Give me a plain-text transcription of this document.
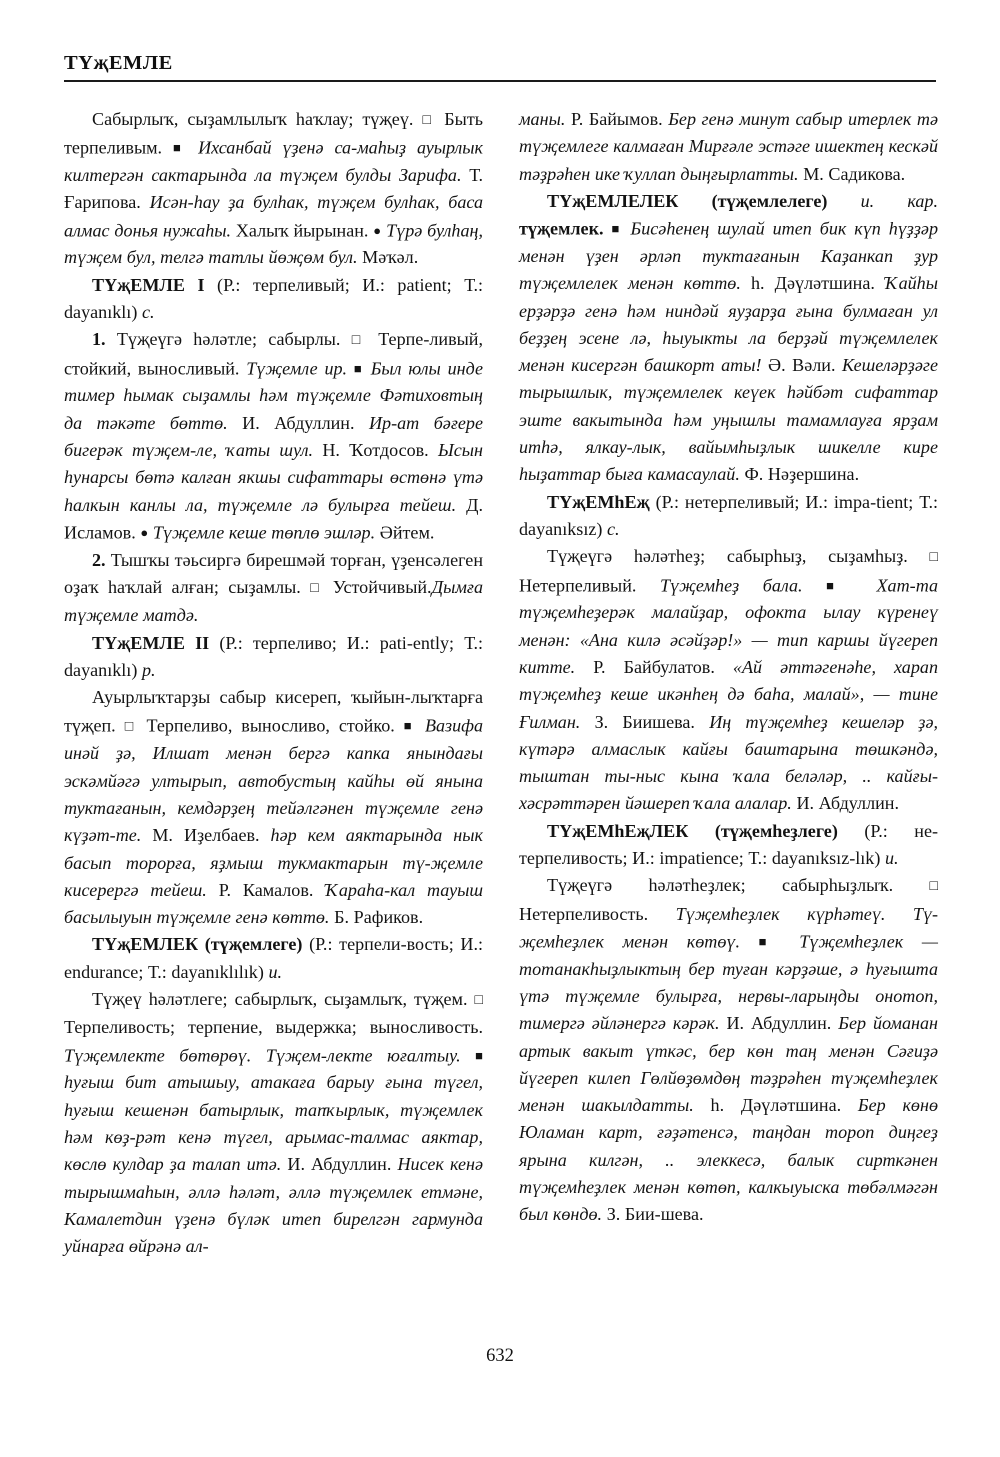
ТҮҗЕМЛЕ

Сабырлыҡ, сыҙамлылыҡ һаҡлау; түҗеү. □ Быть терпеливым. ■ Ихсанбай үҙенә са-маһыҙ ауырлык килтергән сактарында ла түҗем булды Зарифа. Т. Ғарипова. Исән-һау ҙа булһак, түҗем булһак, баса алмас донья нужаһы. Халыҡ йырынан. ● Түрә булһаң, түҗем бул, телгә татлы йөҗөм бул. Мәҡәл.

ТҮҗЕМЛЕ I (Р.: терпеливый; И.: patient; Т.: dayanıklı) с.

1. Түҗеүгә һәләтле; сабырлы. □ Терпе-ливый, стойкий, выносливый. Түҗемле ир. ■ Был юлы инде тимер һымак сыҙамлы һәм түҗемле Фәтиховтың да тәкәте бөттө. И. Абдуллин. Ир-ат бәғере бигерәк түҗем-ле, ҡаты шул. Н. Ҡотдосов. Ысын һунарсы бөтә калған якшы сифаттары өстөнә үтә һалкын канлы ла, түҗемле лә булырға тейеш. Д. Исламов. ● Түҗемле кеше төплө эшләр. Әйтем.

2. Тышҡы тәьсиргә бирешмәй торған, үҙенсәлеген оҙаҡ һаҡлай алған; сыҙамлы. □ Устойчивый.Дымға түҗемле матдә.

ТҮҗЕМЛЕ II (Р.: терпеливо; И.: pati-ently; Т.: dayanıklı) р.

Ауырлыҡтарҙы сабыр кисереп, ҡыйын-лыҡтарға түҗеп. □ Терпеливо, выносливо, стойко. ■ Вазифа инәй ҙә, Илшат менән бергә капка янындағы эскәмйәгә ултырып, автобустың кайһы өй янына туктағанын, кемдәрҙең тейәлгәнен түҗемле генә күҙәт-те. М. Иҙелбаев. һәр кем аяктарында нык басып торорға, яҙмыш тукмактарын тү-җемле кисерергә тейеш. Р. Камалов. Ҡараһа-кал тауыш басылыуын түҗемле генә көттө. Б. Рафиков.

ТҮҗЕМЛЕК (түҗемлеге) (Р.: терпели-вость; И.: endurance; Т.: dayanıklılık) и.

Түҗеү һәләтлеге; сабырлыҡ, сыҙамлыҡ, түҗем. □ Терпеливость; терпение, выдержка; выносливость. Түҗемлекте бөтөрөү. Түҗем-лекте юғалтыу. ■ һуғыш бит атышыу, атакаға барыу ғына түгел, һуғыш кешенән батырлык, тапҡырлык, түҗемлек һәм көҙ-рәт кенә түгел, арымас-талмас аяктар, көслө кулдар ҙа талап итә. И. Абдуллин. Нисек кенә тырышмаһын, әллә һәләт, әллә түҗемлек етмәне, Камалетдин үҙенә бүләк итеп бирелгән гармунда уйнарға өйрәнә ал-

маны. Р. Байымов. Бер генә минут сабыр итерлек тә түҗемлеге калмаған Мирғәле эстәге ишектең кескәй тәҙрәһен ике ҡуллап дыңғырлатты. М. Садикова.

ТҮҗЕМЛЕЛЕК (түҗемлелеге) и. кар. түҗемлек. ■ Бисәһенең шулай итеп бик күп һүҙҙәр менән үҙен әрләп туктағанын Каҙанкап ҙур түҗемлелек менән көттө. һ. Дәүләтшина. Ҡайһы ерҙәрҙә генә һәм ниндәй яуҙарҙа ғына булмаған ул беҙҙең эсене лә, һыуыкты ла берҙәй түҗемлелек менән кисергән башкорт аты! Ә. Вәли. Кешеләрҙәге тырышлык, түҗемлелек кеүек һәйбәт сифаттар эште вакытында һәм уңышлы тамамлауға ярҙам итһә, ялкау-лык, вайымһыҙлык шикелле кире һыҙаттар быға камасаулай. Ф. Нәҙершина.

ТҮҗЕМһЕҗ (Р.: нетерпеливый; И.: impa-tient; Т.: dayanıksız) с.

Түҗеүгә һәләтһеҙ; сабырһыҙ, сыҙамһыҙ. □ Нетерпеливый. Түҗемһеҙ бала. ■ Хат-та түҗемһеҙерәк малайҙар, офокта ылау күренеү менән: «Ана килә әсәйҙәр!» — тип каршы йүгереп китте. Р. Байбулатов. «Ай әттәгенәһе, харап түҗемһеҙ кеше икәнһең дә баһа, малай», — тине Ғилман. З. Биишева. Иң түҗемһеҙ кешеләр ҙә, күтәрә алмаслык кайғы баштарына төшкәндә, тыштан ты-ныс кына ҡала беләләр, .. кайғы-хәсрәттәрен йәшереп ҡала алалар. И. Абдуллин.

ТҮҗЕМһЕҗЛЕК (түҗемһеҙлеге) (Р.: не-терпеливость; И.: impatience; Т.: dayanıksız-lık) и.

Түҗеүгә һәләтһеҙлек; сабырһыҙлыҡ.	□ Нетерпеливость. Түҗемһеҙлек күрһәтеү. Тү-җемһеҙлек менән көтөү. ■ Түҗемһеҙлек — тотанакһыҙлыктың бер туған кәрҙәше, ә һуғышта үтә түҗемле булырға, нервы-ларыңды онотоп, тимергә әйләнергә кәрәк. И. Абдуллин. Бер йоманан артык вакыт үткәс, бер көн таң менән Сәғиҙә йүгереп килеп Гөлйөҙөмдөң тәҙрәһен түҗемһеҙлек менән шакылдатты. һ. Дәүләтшина. Бер көнө Юламан карт, ғәҙәтенсә, таңдан тороп диңгеҙ ярына килгән, .. элеккесә, балык сирткәнен түҗемһеҙлек менән көтөп, калкыуыска төбәлмәгән был көндө. З. Бии-шева.

632
